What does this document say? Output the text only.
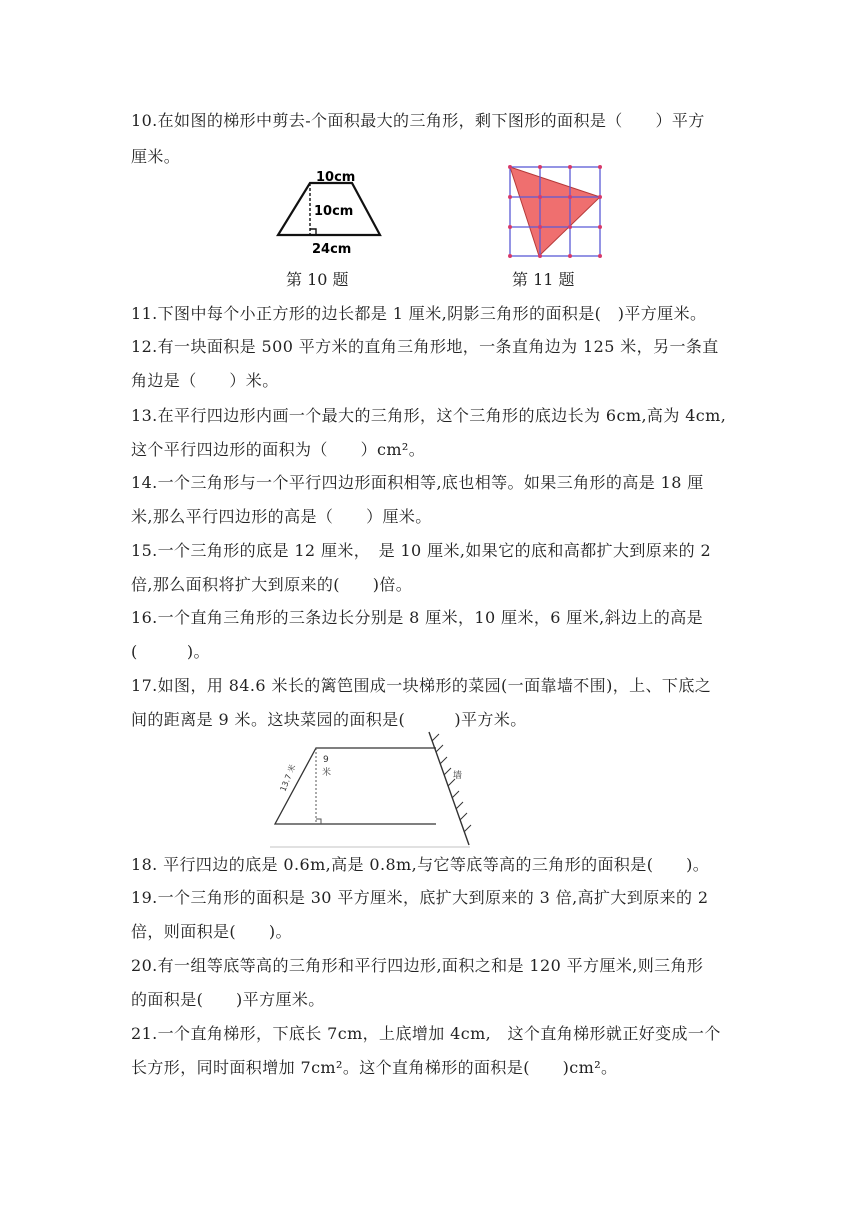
10.在如图的梯形中剪去-个面积最大的三角形，剩下图形的面积是（　　）平方
厘米。
10cm
10cm
24cm
第 10 题	第 11 题
11.下图中每个小正方形的边长都是 1 厘米,阴影三角形的面积是(　)平方厘米。
12.有一块面积是 500 平方米的直角三角形地，一条直角边为 125 米，另一条直
角边是（　　）米。
13.在平行四边形内画一个最大的三角形，这个三角形的底边长为 6cm,高为 4cm,
这个平行四边形的面积为（　　）cm²。
14.一个三角形与一个平行四边形面积相等,底也相等。如果三角形的高是 18 厘
米,那么平行四边形的高是（　　）厘米。
15.一个三角形的底是 12 厘米，　是 10 厘米,如果它的底和高都扩大到原来的 2
倍,那么面积将扩大到原来的(　　)倍。
16.一个直角三角形的三条边长分别是 8 厘米，10 厘米，6 厘米,斜边上的高是
(　　　)。
17.如图，用 84.6 米长的篱笆围成一块梯形的菜园(一面靠墙不围)，上、下底之
间的距离是 9 米。这块菜园的面积是(　　　)平方米。
9
米
13.7 米	墙
18. 平行四边的底是 0.6m,高是 0.8m,与它等底等高的三角形的面积是(　　)。
19.一个三角形的面积是 30 平方厘米，底扩大到原来的 3 倍,高扩大到原来的 2
倍，则面积是(　　)。
20.有一组等底等高的三角形和平行四边形,面积之和是 120 平方厘米,则三角形
的面积是(　　)平方厘米。
21.一个直角梯形，下底长 7cm，上底增加 4cm,　这个直角梯形就正好变成一个
长方形，同时面积增加 7cm²。这个直角梯形的面积是(　　)cm²。
